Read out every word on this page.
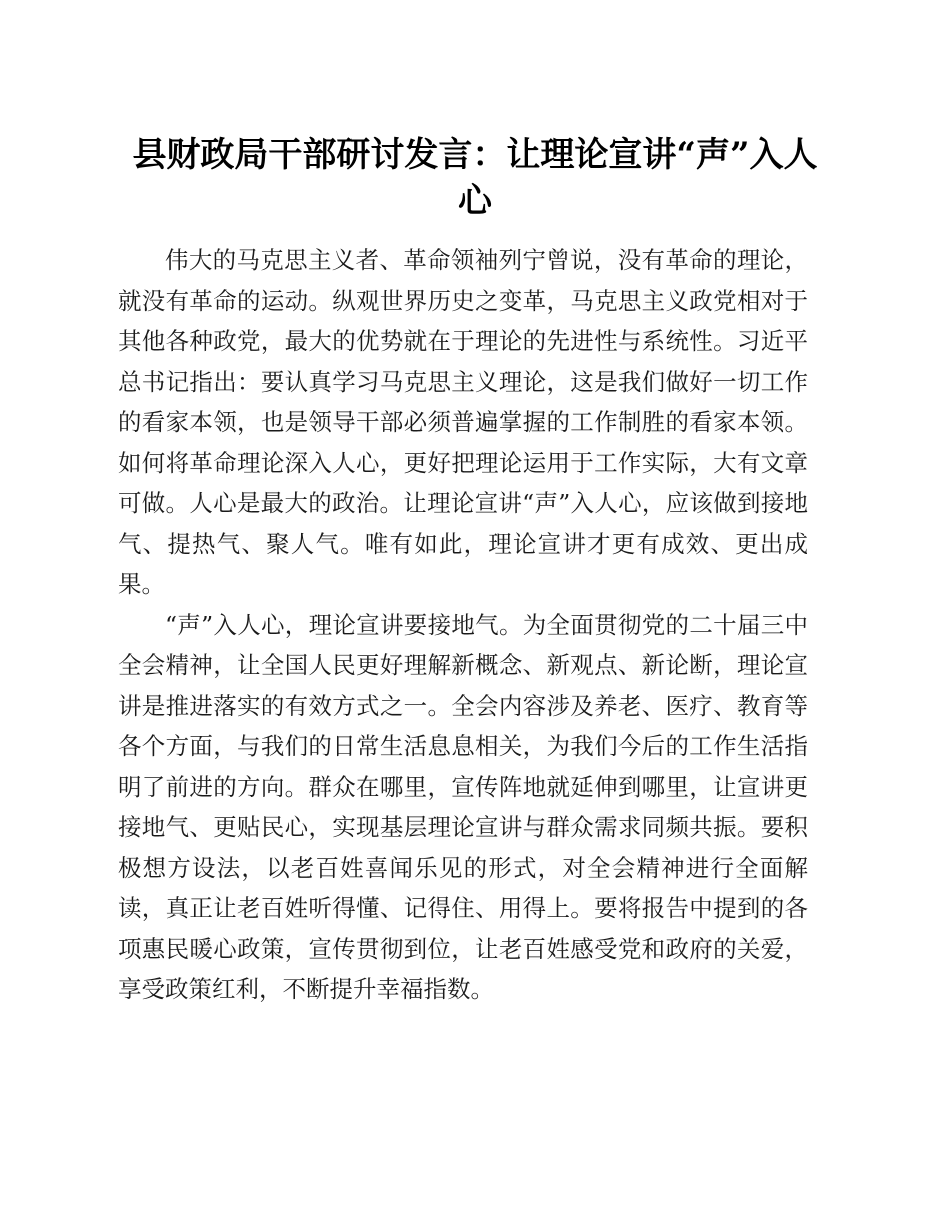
县财政局干部研讨发言：让理论宣讲“声”入人心

伟大的马克思主义者、革命领袖列宁曾说，没有革命的理论，就没有革命的运动。纵观世界历史之变革，马克思主义政党相对于其他各种政党，最大的优势就在于理论的先进性与系统性。习近平总书记指出：要认真学习马克思主义理论，这是我们做好一切工作的看家本领，也是领导干部必须普遍掌握的工作制胜的看家本领。如何将革命理论深入人心，更好把理论运用于工作实际，大有文章可做。人心是最大的政治。让理论宣讲“声”入人心，应该做到接地气、提热气、聚人气。唯有如此，理论宣讲才更有成效、更出成果。

“声”入人心，理论宣讲要接地气。为全面贯彻党的二十届三中全会精神，让全国人民更好理解新概念、新观点、新论断，理论宣讲是推进落实的有效方式之一。全会内容涉及养老、医疗、教育等各个方面，与我们的日常生活息息相关，为我们今后的工作生活指明了前进的方向。群众在哪里，宣传阵地就延伸到哪里，让宣讲更接地气、更贴民心，实现基层理论宣讲与群众需求同频共振。要积极想方设法，以老百姓喜闻乐见的形式，对全会精神进行全面解读，真正让老百姓听得懂、记得住、用得上。要将报告中提到的各项惠民暖心政策，宣传贯彻到位，让老百姓感受党和政府的关爱，享受政策红利，不断提升幸福指数。
